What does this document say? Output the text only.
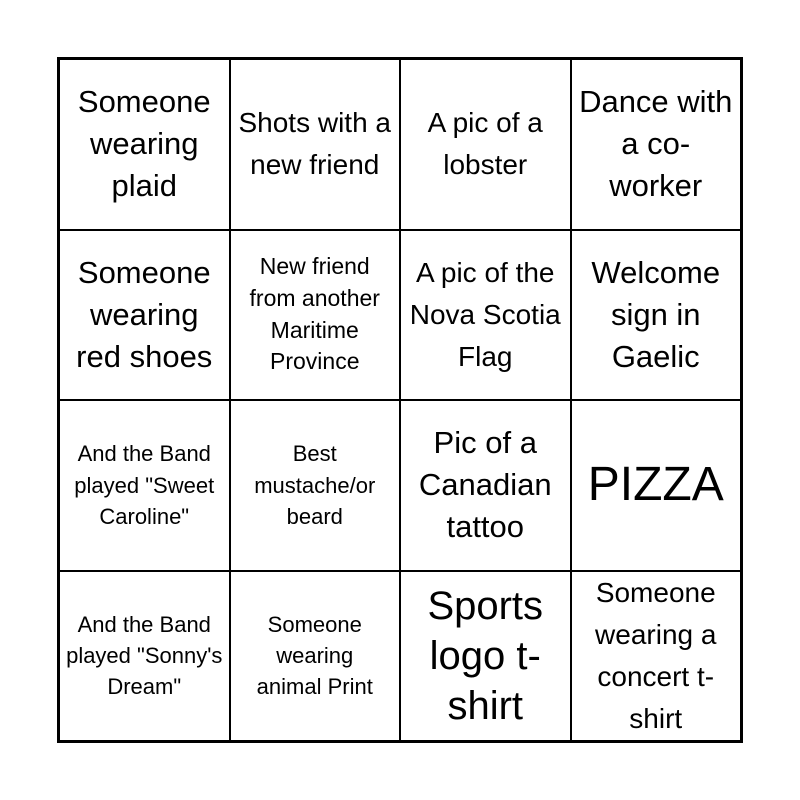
Someone wearing plaid
Shots with a new friend
A pic of a lobster
Dance with a co-worker
Someone wearing red shoes
New friend from another Maritime Province
A pic of the Nova Scotia Flag
Welcome sign in Gaelic
And the Band played "Sweet Caroline"
Best mustache/or beard
Pic of a Canadian tattoo
PIZZA
And the Band played "Sonny's Dream"
Someone wearing animal Print
Sports logo t-shirt
Someone wearing a concert t-shirt
